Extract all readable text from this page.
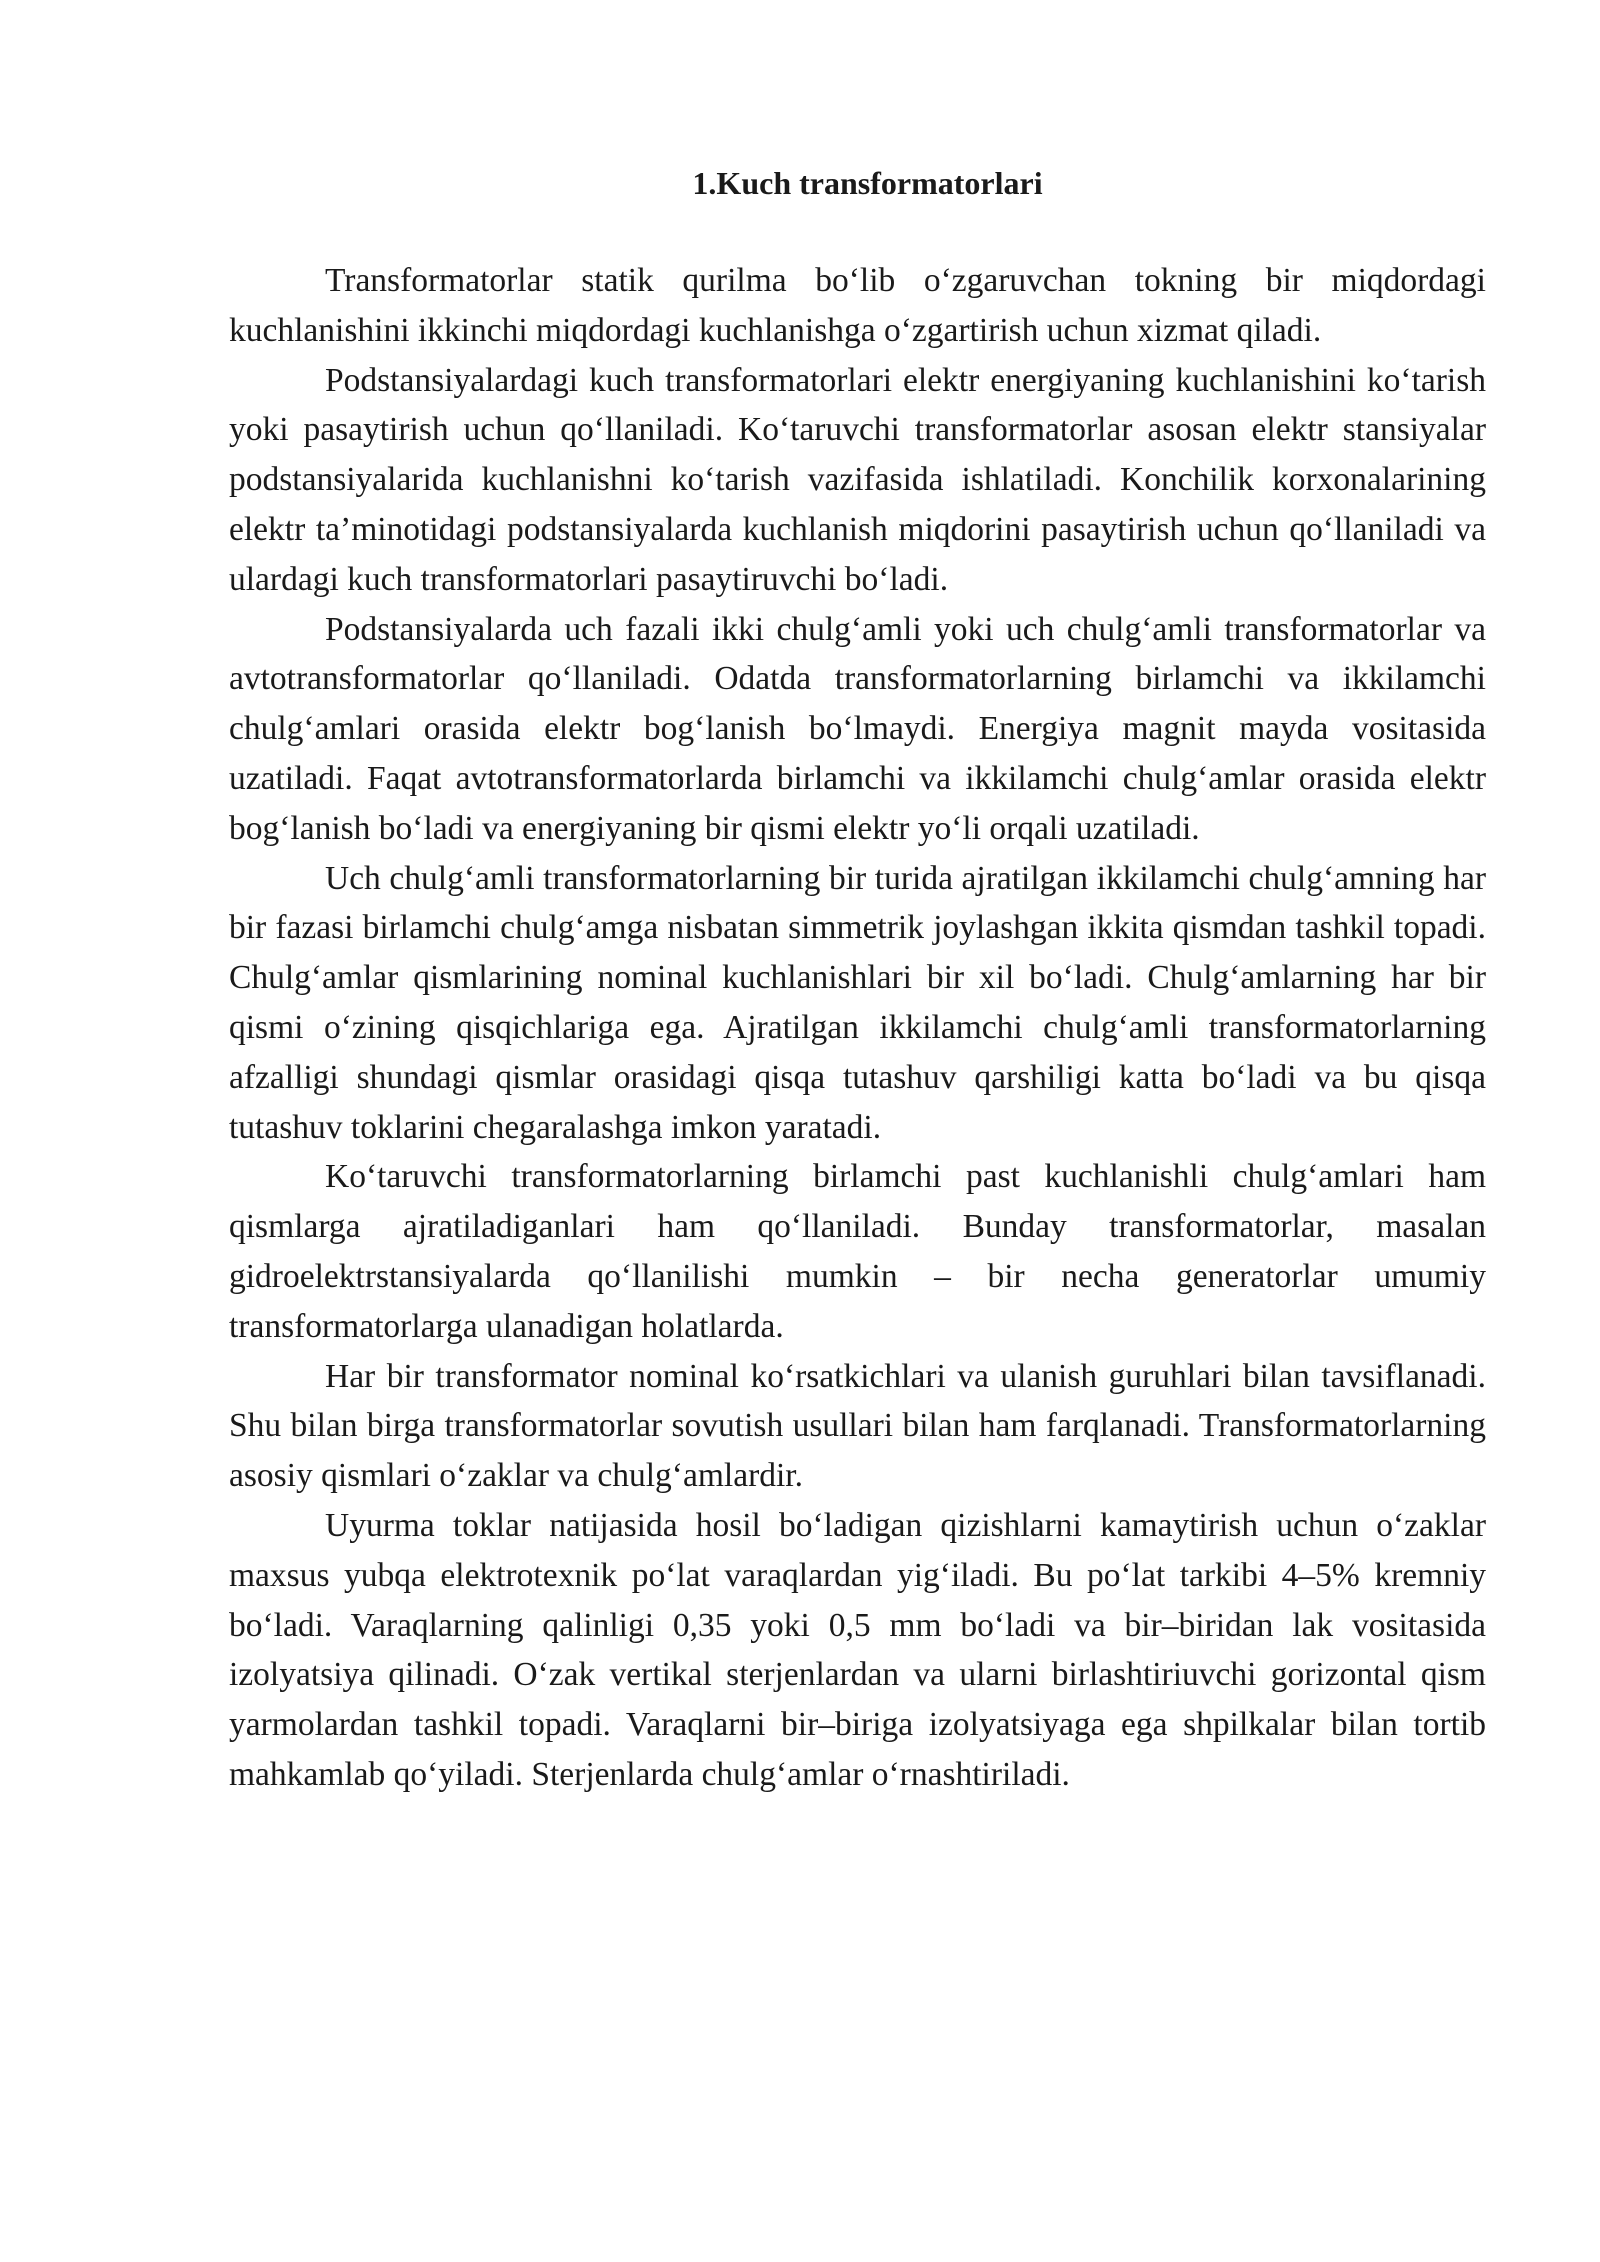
1.Kuch transformatorlari

Transformatorlar statik qurilma bo‘lib o‘zgaruvchan tokning bir miqdordagi kuchlanishini ikkinchi miqdordagi kuchlanishga o‘zgartirish uchun xizmat qiladi.

Podstansiyalardagi kuch transformatorlari elektr energiyaning kuchlanishini ko‘tarish yoki pasaytirish uchun qo‘llaniladi. Ko‘taruvchi transformatorlar asosan elektr stansiyalar podstansiyalarida kuchlanishni ko‘tarish vazifasida ishlatiladi. Konchilik korxonalarining elektr ta’minotidagi podstansiyalarda kuchlanish miqdorini pasaytirish uchun qo‘llaniladi va ulardagi kuch transformatorlari pasaytiruvchi bo‘ladi.

Podstansiyalarda uch fazali ikki chulg‘amli yoki uch chulg‘amli transformatorlar va avtotransformatorlar qo‘llaniladi. Odatda transformatorlarning birlamchi va ikkilamchi chulg‘amlari orasida elektr bog‘lanish bo‘lmaydi. Energiya magnit mayda vositasida uzatiladi. Faqat avtotransformatorlarda birlamchi va ikkilamchi chulg‘amlar orasida elektr bog‘lanish bo‘ladi va energiyaning bir qismi elektr yo‘li orqali uzatiladi.

Uch chulg‘amli transformatorlarning bir turida ajratilgan ikkilamchi chulg‘amning har bir fazasi birlamchi chulg‘amga nisbatan simmetrik joylashgan ikkita qismdan tashkil topadi. Chulg‘amlar qismlarining nominal kuchlanishlari bir xil bo‘ladi. Chulg‘amlarning har bir qismi o‘zining qisqichlariga ega. Ajratilgan ikkilamchi chulg‘amli transformatorlarning afzalligi shundagi qismlar orasidagi qisqa tutashuv qarshiligi katta bo‘ladi va bu qisqa tutashuv toklarini chegaralashga imkon yaratadi.

Ko‘taruvchi transformatorlarning birlamchi past kuchlanishli chulg‘amlari ham qismlarga ajratiladiganlari ham qo‘llaniladi. Bunday transformatorlar, masalan gidroelektrstansiyalarda qo‘llanilishi mumkin – bir necha generatorlar umumiy transformatorlarga ulanadigan holatlarda.

Har bir transformator nominal ko‘rsatkichlari va ulanish guruhlari bilan tavsiflanadi. Shu bilan birga transformatorlar sovutish usullari bilan ham farqlanadi. Transformatorlarning asosiy qismlari o‘zaklar va chulg‘amlardir.

Uyurma toklar natijasida hosil bo‘ladigan qizishlarni kamaytirish uchun o‘zaklar maxsus yubqa elektrotexnik po‘lat varaqlardan yig‘iladi. Bu po‘lat tarkibi 4–5% kremniy bo‘ladi. Varaqlarning qalinligi 0,35 yoki 0,5 mm bo‘ladi va bir–biridan lak vositasida izolyatsiya qilinadi. O‘zak vertikal sterjenlardan va ularni birlashtiriuvchi gorizontal qism yarmolardan tashkil topadi. Varaqlarni bir–biriga izolyatsiyaga ega shpilkalar bilan tortib mahkamlab qo‘yiladi. Sterjenlarda chulg‘amlar o‘rnashtiriladi.
